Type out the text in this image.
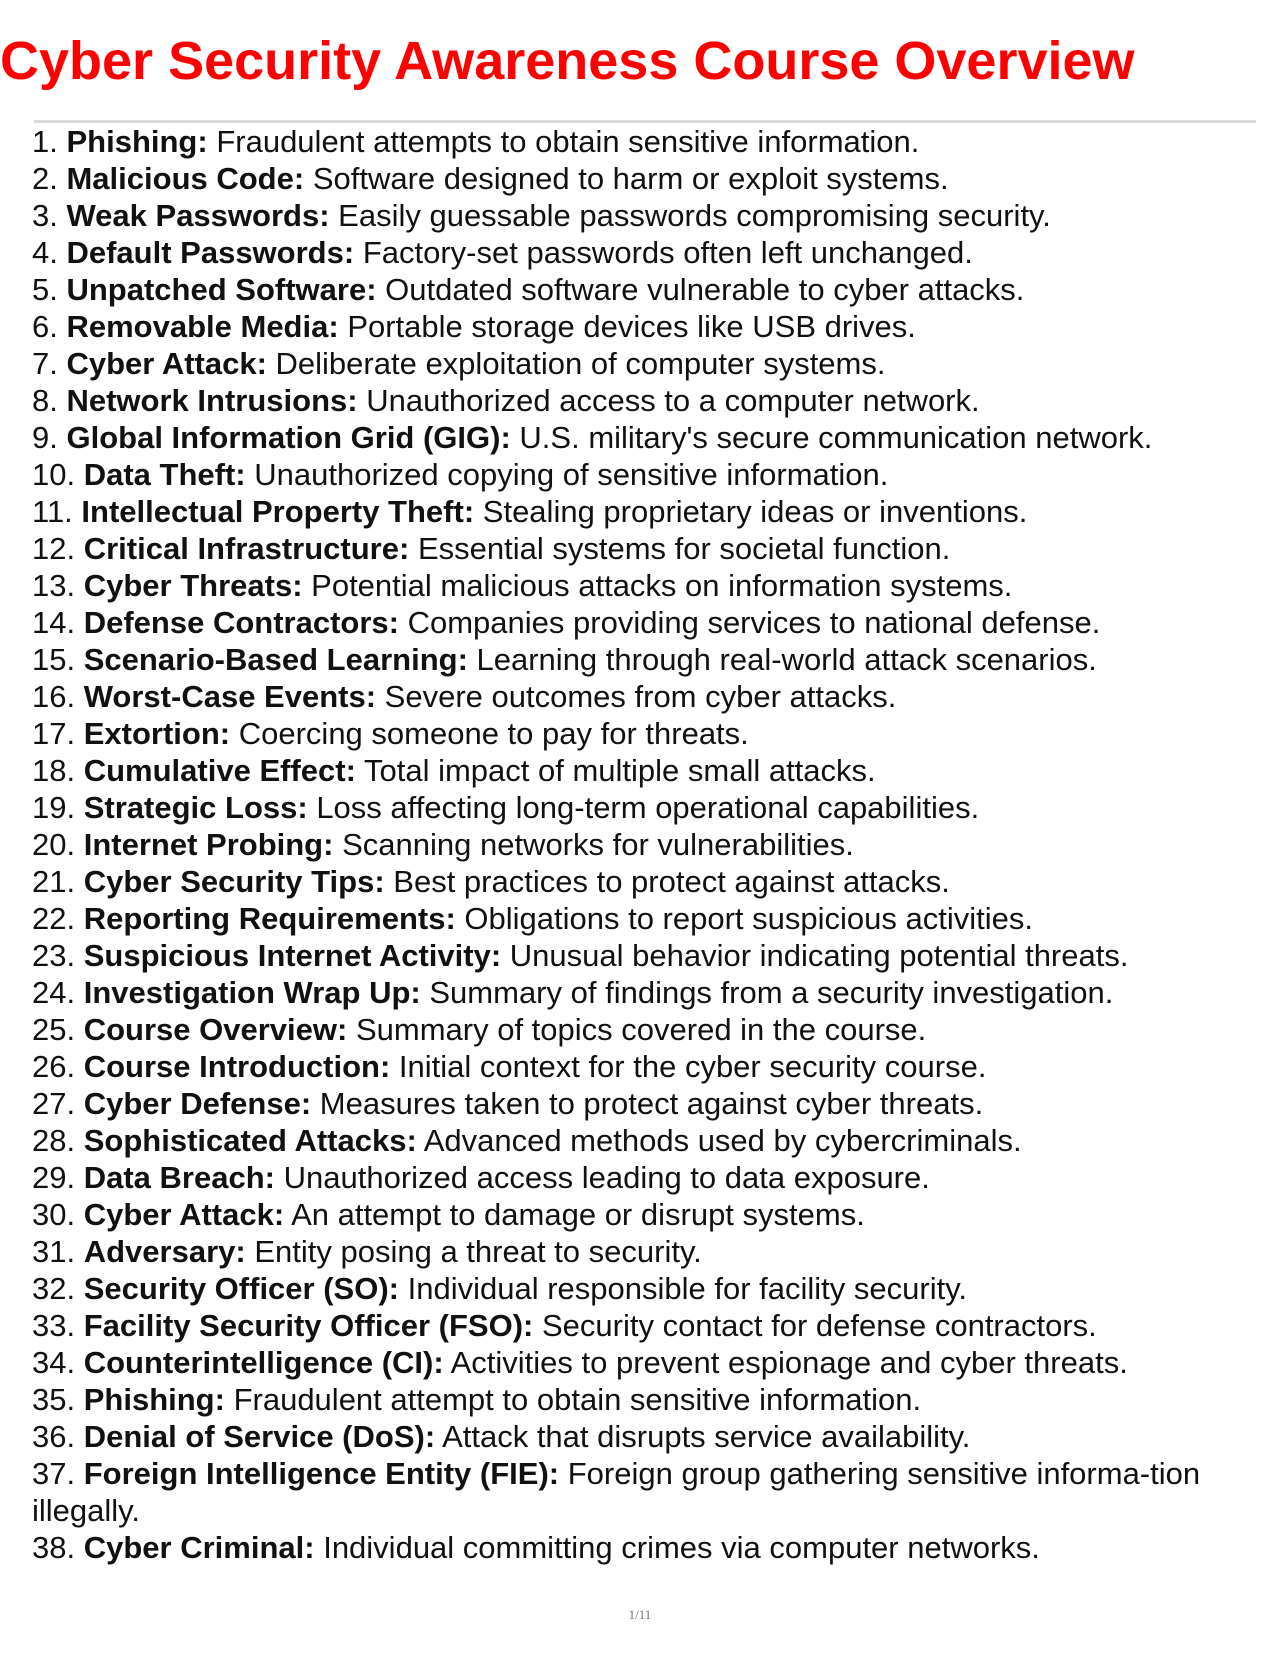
Cyber Security Awareness Course Overview
1. Phishing: Fraudulent attempts to obtain sensitive information.
2. Malicious Code: Software designed to harm or exploit systems.
3. Weak Passwords: Easily guessable passwords compromising security.
4. Default Passwords: Factory-set passwords often left unchanged.
5. Unpatched Software: Outdated software vulnerable to cyber attacks.
6. Removable Media: Portable storage devices like USB drives.
7. Cyber Attack: Deliberate exploitation of computer systems.
8. Network Intrusions: Unauthorized access to a computer network.
9. Global Information Grid (GIG): U.S. military's secure communication network.
10. Data Theft: Unauthorized copying of sensitive information.
11. Intellectual Property Theft: Stealing proprietary ideas or inventions.
12. Critical Infrastructure: Essential systems for societal function.
13. Cyber Threats: Potential malicious attacks on information systems.
14. Defense Contractors: Companies providing services to national defense.
15. Scenario-Based Learning: Learning through real-world attack scenarios.
16. Worst-Case Events: Severe outcomes from cyber attacks.
17. Extortion: Coercing someone to pay for threats.
18. Cumulative Effect: Total impact of multiple small attacks.
19. Strategic Loss: Loss affecting long-term operational capabilities.
20. Internet Probing: Scanning networks for vulnerabilities.
21. Cyber Security Tips: Best practices to protect against attacks.
22. Reporting Requirements: Obligations to report suspicious activities.
23. Suspicious Internet Activity: Unusual behavior indicating potential threats.
24. Investigation Wrap Up: Summary of findings from a security investigation.
25. Course Overview: Summary of topics covered in the course.
26. Course Introduction: Initial context for the cyber security course.
27. Cyber Defense: Measures taken to protect against cyber threats.
28. Sophisticated Attacks: Advanced methods used by cybercriminals.
29. Data Breach: Unauthorized access leading to data exposure.
30. Cyber Attack: An attempt to damage or disrupt systems.
31. Adversary: Entity posing a threat to security.
32. Security Officer (SO): Individual responsible for facility security.
33. Facility Security Officer (FSO): Security contact for defense contractors.
34. Counterintelligence (CI): Activities to prevent espionage and cyber threats.
35. Phishing: Fraudulent attempt to obtain sensitive information.
36. Denial of Service (DoS): Attack that disrupts service availability.
37. Foreign Intelligence Entity (FIE): Foreign group gathering sensitive informa-tion illegally.
38. Cyber Criminal: Individual committing crimes via computer networks.
1/11
